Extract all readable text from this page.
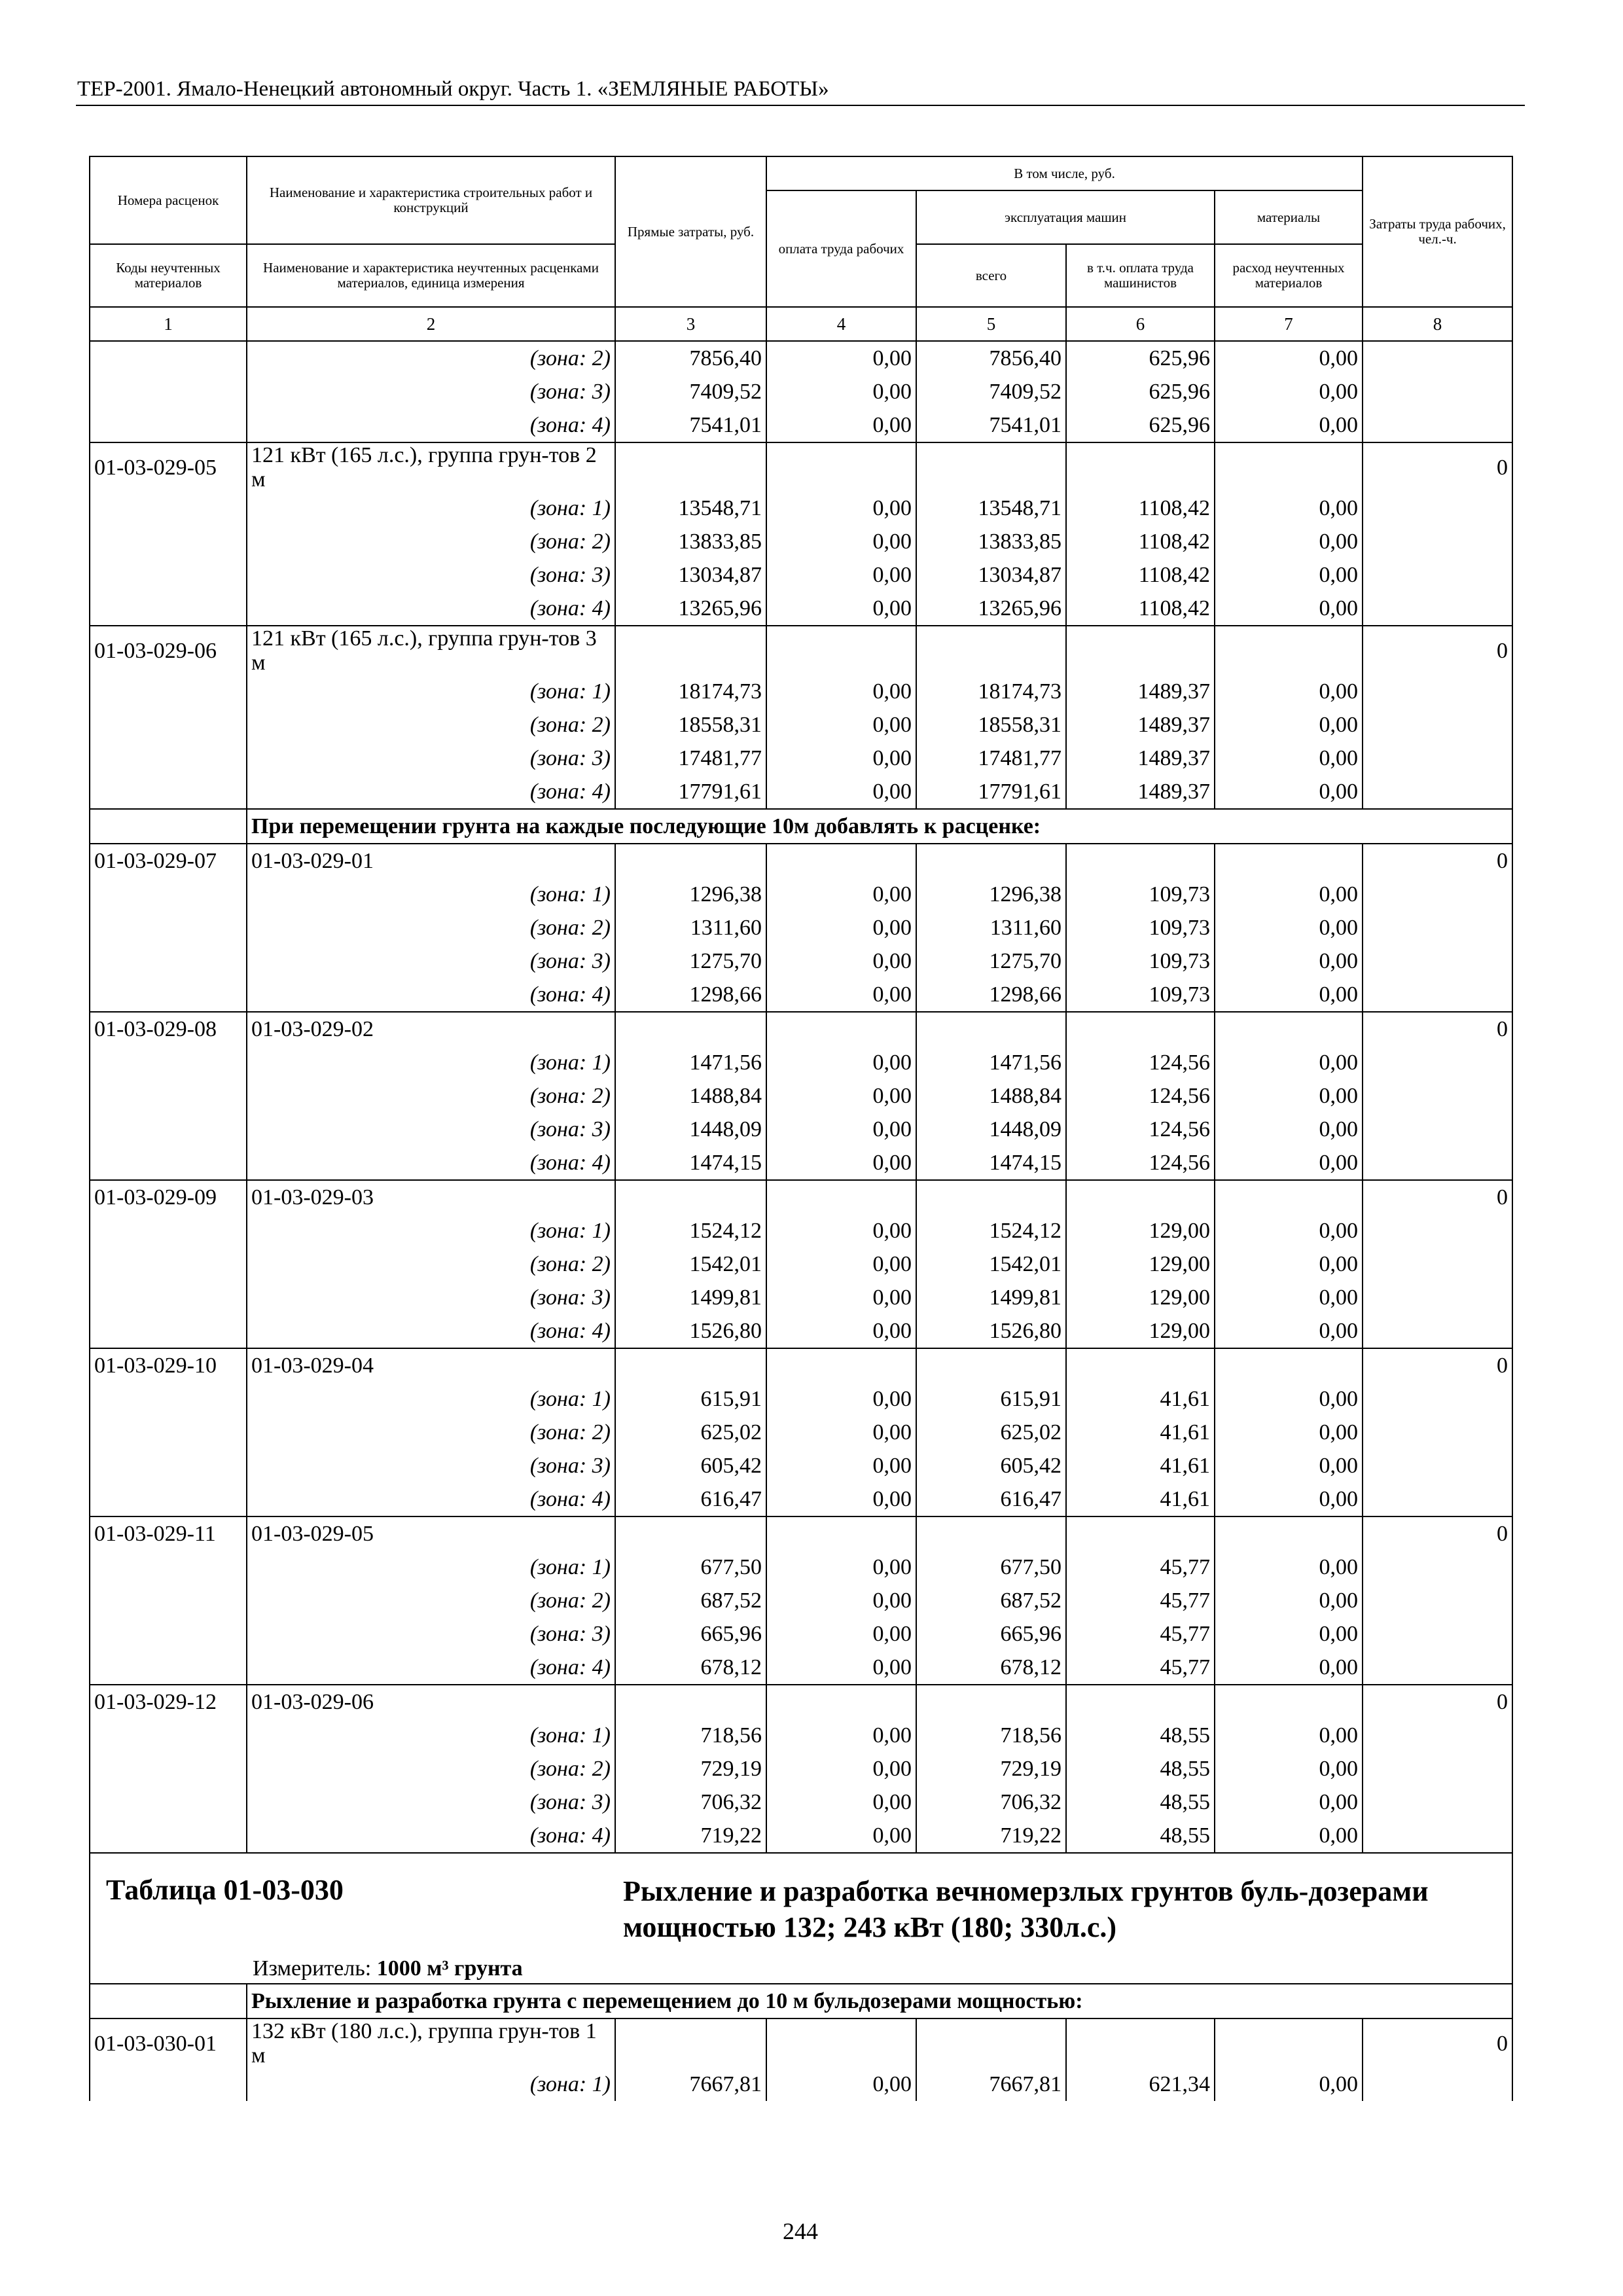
ТЕР-2001. Ямало-Ненецкий автономный округ. Часть 1. «ЗЕМЛЯНЫЕ РАБОТЫ»
Номера расценок	Наименование и характеристика строительных работ и конструкций	Прямые затраты, руб.	В том числе, руб.				Затраты труда рабочих, чел.-ч.
			оплата труда рабочих	эксплуатация машин		материалы	
Коды неучтенных материалов	Наименование и характеристика неучтенных расценками материалов, единица измерения			всего	в т.ч. оплата труда машинистов	расход неучтенных материалов	
1	2	3	4	5	6	7	8
	(зона: 2)	7856,40	0,00	7856,40	625,96	0,00	
	(зона: 3)	7409,52	0,00	7409,52	625,96	0,00	
	(зона: 4)	7541,01	0,00	7541,01	625,96	0,00	
01-03-029-05	121 кВт (165 л.с.), группа грун-тов 2 м						0
	(зона: 1)	13548,71	0,00	13548,71	1108,42	0,00	
	(зона: 2)	13833,85	0,00	13833,85	1108,42	0,00	
	(зона: 3)	13034,87	0,00	13034,87	1108,42	0,00	
	(зона: 4)	13265,96	0,00	13265,96	1108,42	0,00	
01-03-029-06	121 кВт (165 л.с.), группа грун-тов 3 м						0
	(зона: 1)	18174,73	0,00	18174,73	1489,37	0,00	
	(зона: 2)	18558,31	0,00	18558,31	1489,37	0,00	
	(зона: 3)	17481,77	0,00	17481,77	1489,37	0,00	
	(зона: 4)	17791,61	0,00	17791,61	1489,37	0,00	
	При перемещении грунта на каждые последующие 10м добавлять к расценке:						
01-03-029-07	01-03-029-01						0
	(зона: 1)	1296,38	0,00	1296,38	109,73	0,00	
	(зона: 2)	1311,60	0,00	1311,60	109,73	0,00	
	(зона: 3)	1275,70	0,00	1275,70	109,73	0,00	
	(зона: 4)	1298,66	0,00	1298,66	109,73	0,00	
01-03-029-08	01-03-029-02						0
	(зона: 1)	1471,56	0,00	1471,56	124,56	0,00	
	(зона: 2)	1488,84	0,00	1488,84	124,56	0,00	
	(зона: 3)	1448,09	0,00	1448,09	124,56	0,00	
	(зона: 4)	1474,15	0,00	1474,15	124,56	0,00	
01-03-029-09	01-03-029-03						0
	(зона: 1)	1524,12	0,00	1524,12	129,00	0,00	
	(зона: 2)	1542,01	0,00	1542,01	129,00	0,00	
	(зона: 3)	1499,81	0,00	1499,81	129,00	0,00	
	(зона: 4)	1526,80	0,00	1526,80	129,00	0,00	
01-03-029-10	01-03-029-04						0
	(зона: 1)	615,91	0,00	615,91	41,61	0,00	
	(зона: 2)	625,02	0,00	625,02	41,61	0,00	
	(зона: 3)	605,42	0,00	605,42	41,61	0,00	
	(зона: 4)	616,47	0,00	616,47	41,61	0,00	
01-03-029-11	01-03-029-05						0
	(зона: 1)	677,50	0,00	677,50	45,77	0,00	
	(зона: 2)	687,52	0,00	687,52	45,77	0,00	
	(зона: 3)	665,96	0,00	665,96	45,77	0,00	
	(зона: 4)	678,12	0,00	678,12	45,77	0,00	
01-03-029-12	01-03-029-06						0
	(зона: 1)	718,56	0,00	718,56	48,55	0,00	
	(зона: 2)	729,19	0,00	729,19	48,55	0,00	
	(зона: 3)	706,32	0,00	706,32	48,55	0,00	
	(зона: 4)	719,22	0,00	719,22	48,55	0,00	

Таблица 01-03-030 Рыхление и разработка вечномерзлых грунтов буль-дозерами мощностью 132; 243 кВт (180; 330л.с.)
Измеритель: 1000 м³ грунта							

	Рыхление и разработка грунта с перемещением до 10 м бульдозерами мощностью:						
01-03-030-01	132 кВт (180 л.с.), группа грун-тов 1 м						0
	(зона: 1)	7667,81	0,00	7667,81	621,34	0,00	
244
